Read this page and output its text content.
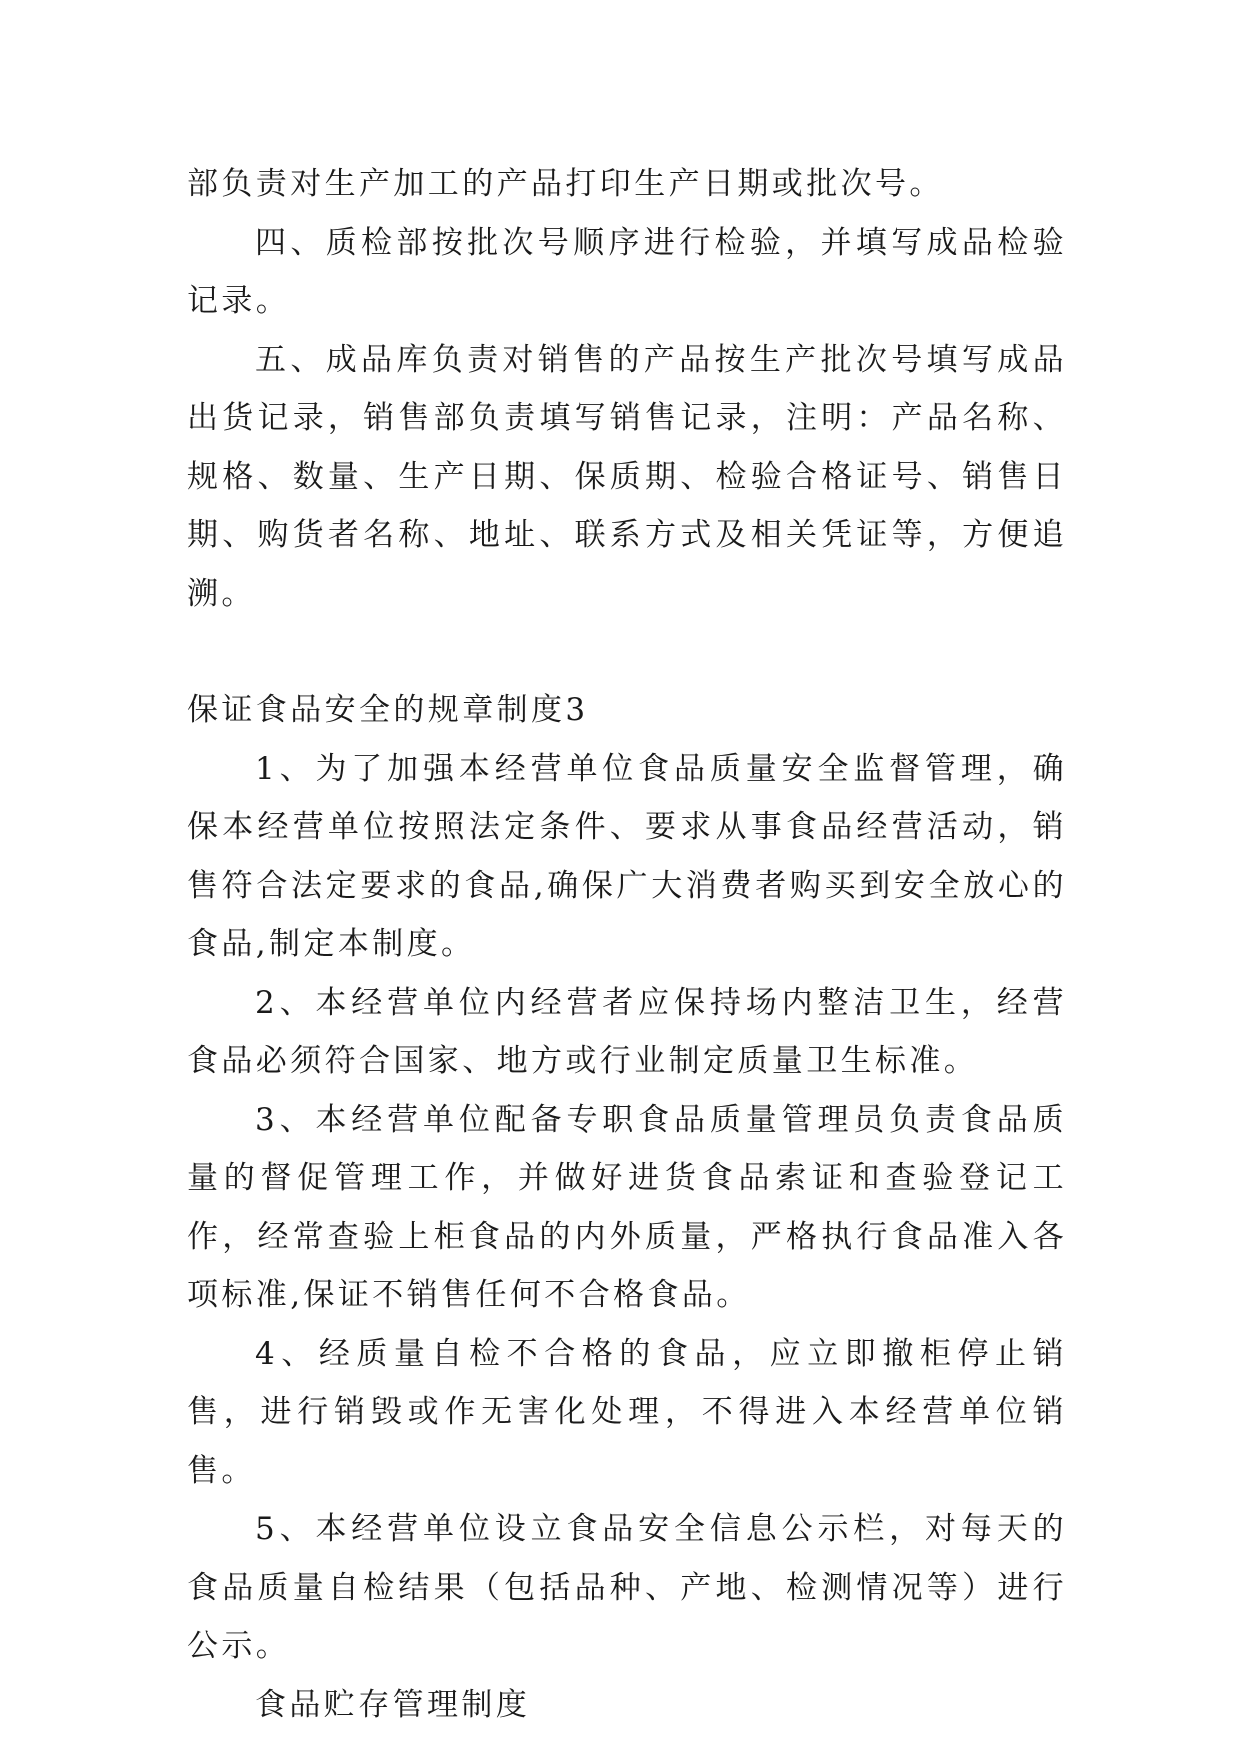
部负责对生产加工的产品打印生产日期或批次号。

四、质检部按批次号顺序进行检验，并填写成品检验记录。

五、成品库负责对销售的产品按生产批次号填写成品出货记录，销售部负责填写销售记录，注明：产品名称、规格、数量、生产日期、保质期、检验合格证号、销售日期、购货者名称、地址、联系方式及相关凭证等，方便追溯。

保证食品安全的规章制度3

1、为了加强本经营单位食品质量安全监督管理，确保本经营单位按照法定条件、要求从事食品经营活动，销售符合法定要求的食品,确保广大消费者购买到安全放心的食品,制定本制度。

2、本经营单位内经营者应保持场内整洁卫生，经营食品必须符合国家、地方或行业制定质量卫生标准。

3、本经营单位配备专职食品质量管理员负责食品质量的督促管理工作，并做好进货食品索证和查验登记工作，经常查验上柜食品的内外质量，严格执行食品准入各项标准,保证不销售任何不合格食品。

4、经质量自检不合格的食品，应立即撤柜停止销售，进行销毁或作无害化处理，不得进入本经营单位销售。

5、本经营单位设立食品安全信息公示栏，对每天的食品质量自检结果（包括品种、产地、检测情况等）进行公示。

食品贮存管理制度
